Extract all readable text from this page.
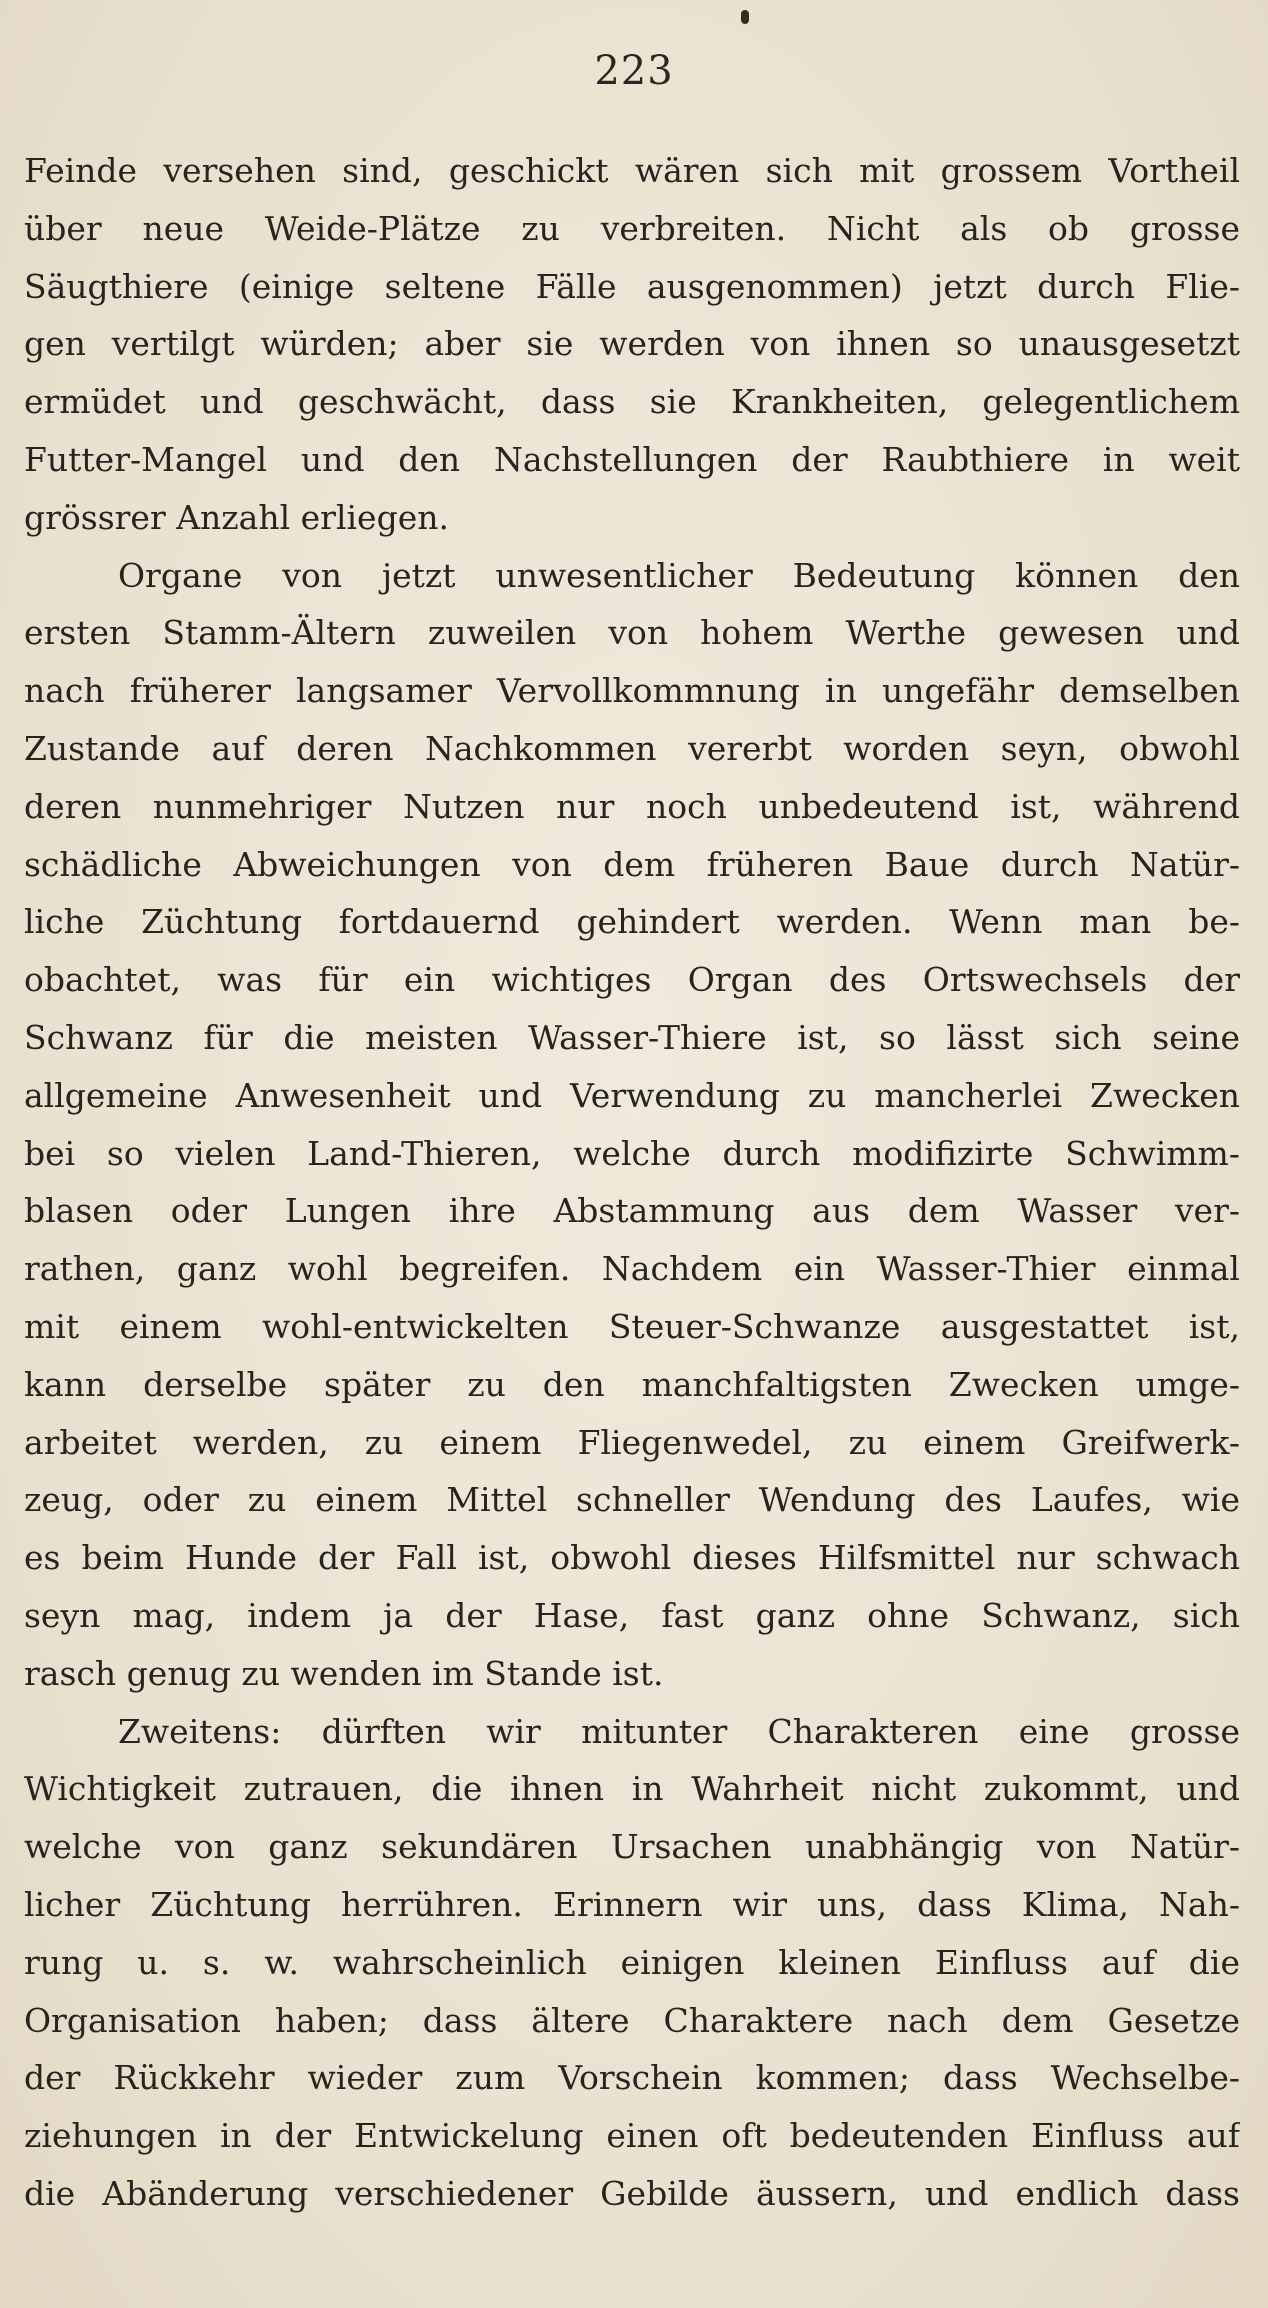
223
Feinde versehen sind, geschickt wären sich mit grossem Vortheil
über neue Weide-Plätze zu verbreiten. Nicht als ob grosse
Säugthiere (einige seltene Fälle ausgenommen) jetzt durch Flie-
gen vertilgt würden; aber sie werden von ihnen so unausgesetzt
ermüdet und geschwächt, dass sie Krankheiten, gelegentlichem
Futter-Mangel und den Nachstellungen der Raubthiere in weit
grössrer Anzahl erliegen.
Organe von jetzt unwesentlicher Bedeutung können den
ersten Stamm-Ältern zuweilen von hohem Werthe gewesen und
nach früherer langsamer Vervollkommnung in ungefähr demselben
Zustande auf deren Nachkommen vererbt worden seyn, obwohl
deren nunmehriger Nutzen nur noch unbedeutend ist, während
schädliche Abweichungen von dem früheren Baue durch Natür-
liche Züchtung fortdauernd gehindert werden. Wenn man be-
obachtet, was für ein wichtiges Organ des Ortswechsels der
Schwanz für die meisten Wasser-Thiere ist, so lässt sich seine
allgemeine Anwesenheit und Verwendung zu mancherlei Zwecken
bei so vielen Land-Thieren, welche durch modifizirte Schwimm-
blasen oder Lungen ihre Abstammung aus dem Wasser ver-
rathen, ganz wohl begreifen. Nachdem ein Wasser-Thier einmal
mit einem wohl-entwickelten Steuer-Schwanze ausgestattet ist,
kann derselbe später zu den manchfaltigsten Zwecken umge-
arbeitet werden, zu einem Fliegenwedel, zu einem Greifwerk-
zeug, oder zu einem Mittel schneller Wendung des Laufes, wie
es beim Hunde der Fall ist, obwohl dieses Hilfsmittel nur schwach
seyn mag, indem ja der Hase, fast ganz ohne Schwanz, sich
rasch genug zu wenden im Stande ist.
Zweitens: dürften wir mitunter Charakteren eine grosse
Wichtigkeit zutrauen, die ihnen in Wahrheit nicht zukommt, und
welche von ganz sekundären Ursachen unabhängig von Natür-
licher Züchtung herrühren. Erinnern wir uns, dass Klima, Nah-
rung u. s. w. wahrscheinlich einigen kleinen Einfluss auf die
Organisation haben; dass ältere Charaktere nach dem Gesetze
der Rückkehr wieder zum Vorschein kommen; dass Wechselbe-
ziehungen in der Entwickelung einen oft bedeutenden Einfluss auf
die Abänderung verschiedener Gebilde äussern, und endlich dass
